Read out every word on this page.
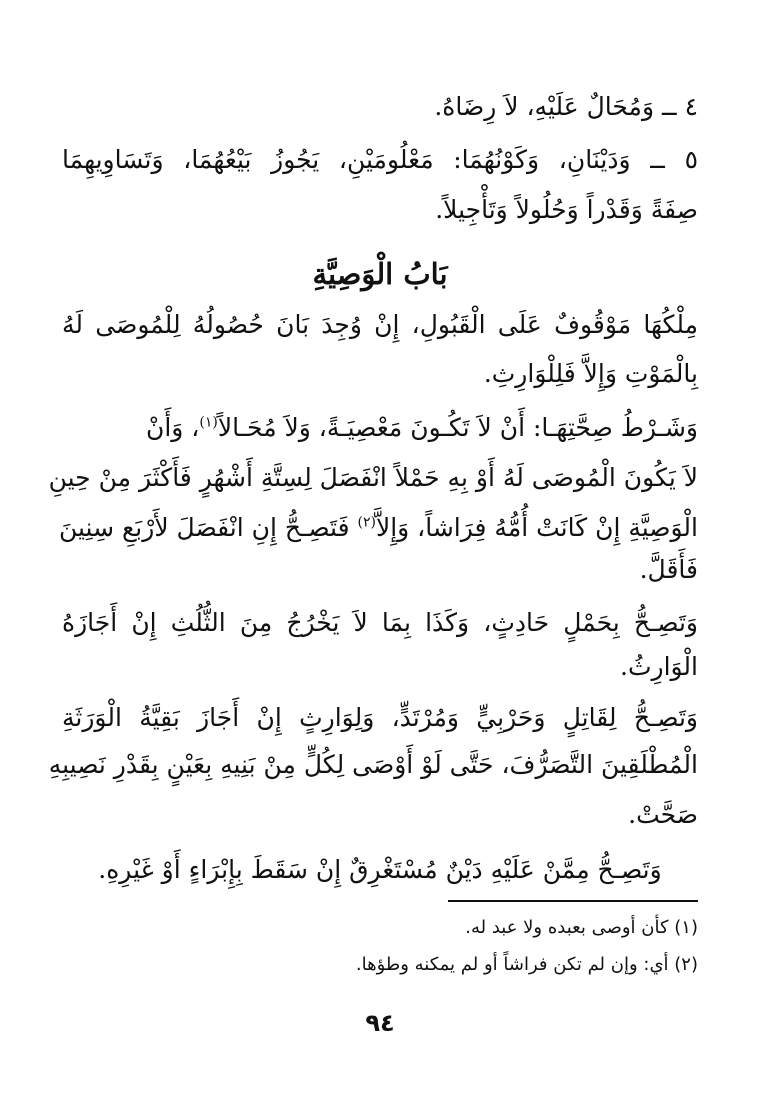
٤ ــ وَمُحَالٌ عَلَيْهِ، لاَ رِضَاهُ.
٥ ــ وَدَيْنَانِ، وَكَوْنُهُمَا: مَعْلُومَيْنِ، يَجُوزُ بَيْعُهُمَا، وَتَسَاوِيهِمَا
صِفَةً وَقَدْراً وَحُلُولاً وَتَأْجِيلاً.
بَابُ الْوَصِيَّةِ
مِلْكُهَا مَوْقُوفٌ عَلَى الْقَبُولِ، إِنْ وُجِدَ بَانَ حُصُولُهُ لِلْمُوصَى لَهُ
بِالْمَوْتِ وَإِلاَّ فَلِلْوَارِثِ.
وَشَـرْطُ صِحَّتِهَـا: أَنْ لاَ تَكُـونَ مَعْصِيَـةً، وَلاَ مُحَـالاً$^{(١)}$، وَأَنْ
لاَ يَكُونَ الْمُوصَى لَهُ أَوْ بِهِ حَمْلاً انْفَصَلَ لِسِتَّةِ أَشْهُرٍ فَأَكْثَرَ مِنْ حِينِ
الْوَصِيَّةِ إِنْ كَانَتْ أُمُّهُ فِرَاشاً، وَإِلاَّ$^{(٢)}$ فَتَصِـحُّ إِنِ انْفَصَلَ لأَرْبَعِ سِنِينَ
فَأَقَلَّ.
وَتَصِـحُّ بِحَمْلٍ حَادِثٍ، وَكَذَا بِمَا لاَ يَخْرُجُ مِنَ الثُّلُثِ إِنْ أَجَازَهُ
الْوَارِثُ.
وَتَصِـحُّ لِقَاتِلٍ وَحَرْبِيٍّ وَمُرْتَدٍّ، وَلِوَارِثٍ إِنْ أَجَازَ بَقِيَّةُ الْوَرَثَةِ
الْمُطْلَقِينَ التَّصَرُّفَ، حَتَّى لَوْ أَوْصَى لِكُلٍّ مِنْ بَنِيهِ بِعَيْنٍ بِقَدْرِ نَصِيبِهِ
صَحَّتْ.
وَتَصِـحُّ مِمَّنْ عَلَيْهِ دَيْنٌ مُسْتَغْرِقٌ إِنْ سَقَطَ بِإِبْرَاءٍ أَوْ غَيْرِهِ.
(١) كأن أوصى بعبده ولا عبد له.
(٢) أي: وإن لم تكن فراشاً أو لم يمكنه وطؤها.
٩٤
